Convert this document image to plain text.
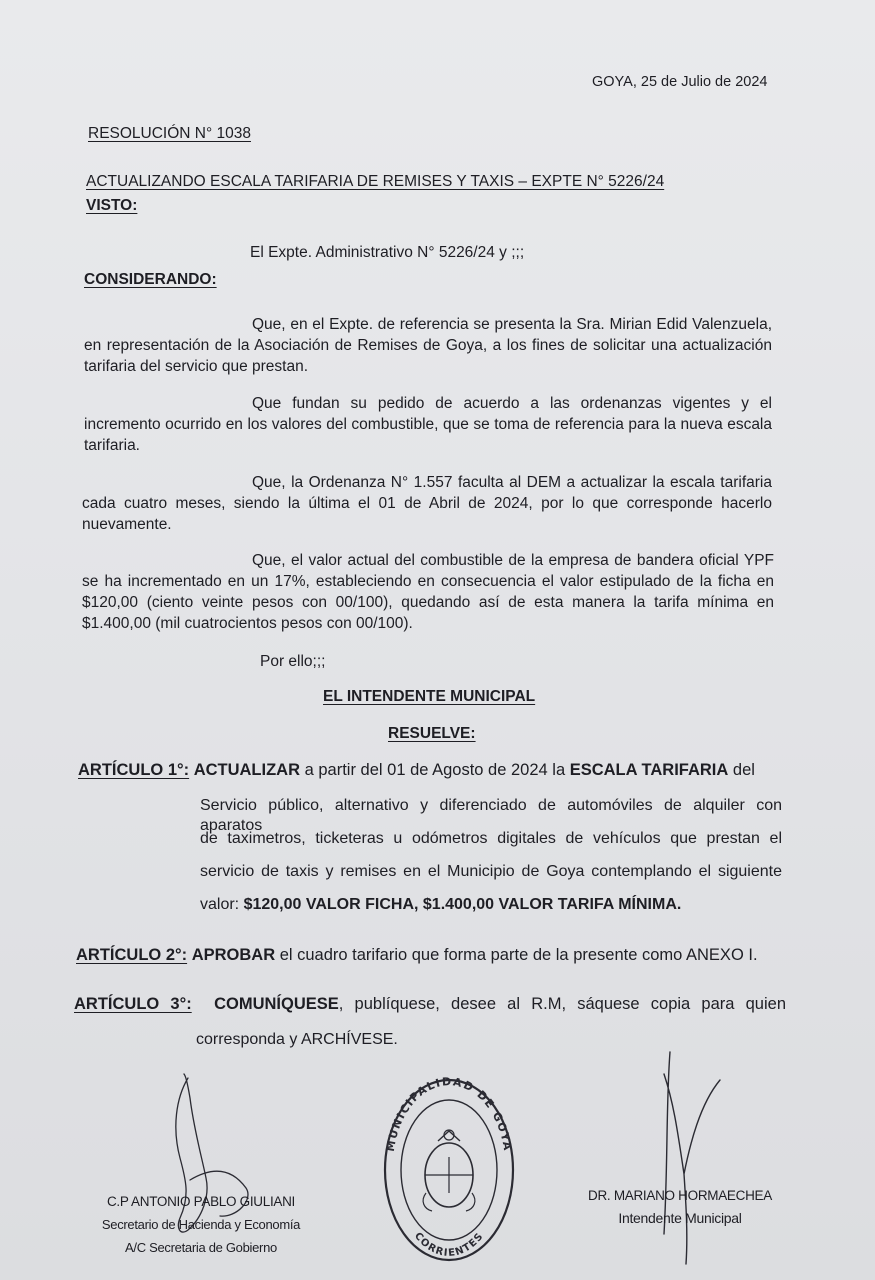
GOYA, 25 de Julio de 2024
RESOLUCIÓN N° 1038
ACTUALIZANDO ESCALA TARIFARIA DE REMISES Y TAXIS – EXPTE N° 5226/24
VISTO:
El Expte. Administrativo N° 5226/24 y ;;;
CONSIDERANDO:
Que, en el Expte. de referencia se presenta la Sra. Mirian Edid Valenzuela,
en representación de la Asociación de Remises de Goya, a los fines de solicitar una actualización
tarifaria del servicio que prestan.
Que fundan su pedido de acuerdo a las ordenanzas vigentes y el
incremento ocurrido en los valores del combustible, que se toma de referencia para la nueva escala
tarifaria.
Que, la Ordenanza N° 1.557 faculta al DEM a actualizar la escala tarifaria
cada cuatro meses, siendo la última el 01 de Abril de 2024, por lo que corresponde hacerlo
nuevamente.
Que, el valor actual del combustible de la empresa de bandera oficial YPF
se ha incrementado en un 17%, estableciendo en consecuencia el valor estipulado de la ficha en
$120,00 (ciento veinte pesos con 00/100), quedando así de esta manera la tarifa mínima en
$1.400,00 (mil cuatrocientos pesos con 00/100).
Por ello;;;
EL INTENDENTE MUNICIPAL
RESUELVE:
ARTÍCULO 1°: ACTUALIZAR a partir del 01 de Agosto de 2024 la ESCALA TARIFARIA del
Servicio público, alternativo y diferenciado de automóviles de alquiler con aparatos
de taximetros, ticketeras u odómetros digitales de vehículos que prestan el
servicio de taxis y remises en el Municipio de Goya contemplando el siguiente
valor: $120,00 VALOR FICHA, $1.400,00 VALOR TARIFA MÍNIMA.
ARTÍCULO 2°: APROBAR el cuadro tarifario que forma parte de la presente como ANEXO I.
ARTÍCULO 3°: COMUNÍQUESE, publíquese, desee al R.M, sáquese copia para quien
corresponda y ARCHÍVESE.
C.P ANTONIO PABLO GIULIANI
Secretario de Hacienda y Economía
A/C Secretaria de Gobierno
MUNICIPALIDAD DE GOYA
CORRIENTES
DR. MARIANO HORMAECHEA
Intendente Municipal
